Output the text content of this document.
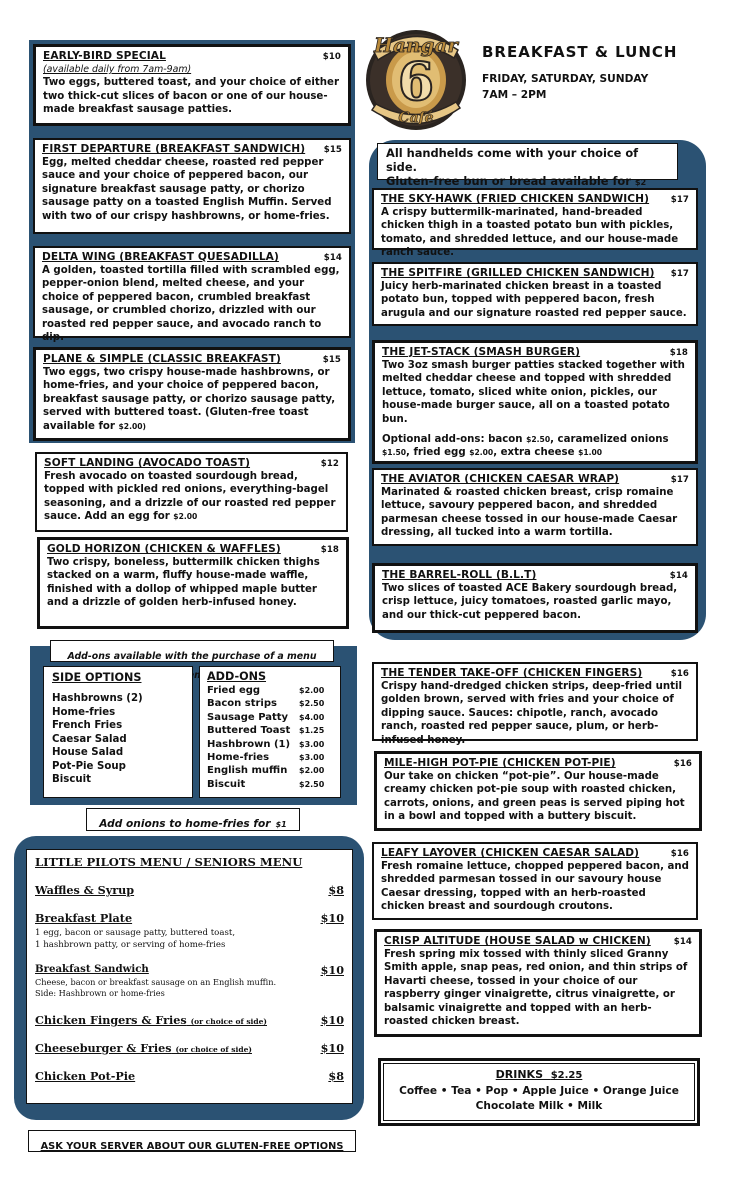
EARLY-BIRD SPECIAL	$10
(available daily from 7am-9am)
Two eggs, buttered toast, and your choice of either two thick-cut slices of bacon or one of our house-made breakfast sausage patties.
FIRST DEPARTURE (BREAKFAST SANDWICH) $15
Egg, melted cheddar cheese, roasted red pepper sauce and your choice of peppered bacon, our signature breakfast sausage patty, or chorizo sausage patty on a toasted English Muffin. Served with two of our crispy hashbrowns, or home-fries.
DELTA WING (BREAKFAST QUESADILLA)	$14
A golden, toasted tortilla filled with scrambled egg, pepper-onion blend, melted cheese, and your choice of peppered bacon, crumbled breakfast sausage, or crumbled chorizo, drizzled with our roasted red pepper sauce, and avocado ranch to dip.
PLANE & SIMPLE (CLASSIC BREAKFAST)	$15
Two eggs, two crispy house-made hashbrowns, or home-fries, and your choice of peppered bacon, breakfast sausage patty, or chorizo sausage patty, served with buttered toast. (Gluten-free toast available for $2.00)
SOFT LANDING (AVOCADO TOAST)	$12
Fresh avocado on toasted sourdough bread, topped with pickled red onions, everything-bagel seasoning, and a drizzle of our roasted red pepper sauce. Add an egg for $2.00
GOLD HORIZON (CHICKEN & WAFFLES)	$18
Two crispy, boneless, buttermilk chicken thighs stacked on a warm, fluffy house-made waffle, finished with a dollop of whipped maple butter and a drizzle of golden herb-infused honey.
Add-ons available with the purchase of a menu
SIDE OPTIONS
Hashbrowns (2)
Home-fries
French Fries
Caesar Salad
House Salad
Pot-Pie Soup
Biscuit
ADD-ONS
Fried egg	$2.00
Bacon strips	$2.50
Sausage Patty $4.00
Buttered Toast $1.25
Hashbrown (1) $3.00
Home-fries	$3.00
English muffin $2.00
Biscuit	$2.50
Add onions to home-fries for $1
LITTLE PILOTS MENU / SENIORS MENU
Waffles & Syrup	$8
Breakfast Plate	$10
1 egg, bacon or sausage patty, buttered toast,
1 hashbrown patty, or serving of home-fries
Breakfast Sandwich	$10
Cheese, bacon or breakfast sausage on an English muffin.
Side: Hashbrown or home-fries
Chicken Fingers & Fries (or choice of side)	$10
Cheeseburger & Fries (or choice of side)	$10
Chicken Pot-Pie	$8
ASK YOUR SERVER ABOUT OUR GLUTEN-FREE OPTIONS
Hangar
6
Café
BREAKFAST & LUNCH
FRIDAY, SATURDAY, SUNDAY
7AM – 2PM
All handhelds come with your choice of side.
Gluten-free bun or bread available for $2
THE SKY-HAWK (FRIED CHICKEN SANDWICH)	$17
A crispy buttermilk-marinated, hand-breaded chicken thigh in a toasted potato bun with pickles, tomato, and shredded lettuce, and our house-made ranch sauce.
THE SPITFIRE (GRILLED CHICKEN SANDWICH) $17
Juicy herb-marinated chicken breast in a toasted potato bun, topped with peppered bacon, fresh arugula and our signature roasted red pepper sauce.
THE JET-STACK (SMASH BURGER)	$18
Two 3oz smash burger patties stacked together with melted cheddar cheese and topped with shredded lettuce, tomato, sliced white onion, pickles, our house-made burger sauce, all on a toasted potato bun.
Optional add-ons: bacon $2.50, caramelized onions $1.50, fried egg $2.00, extra cheese $1.00
THE AVIATOR (CHICKEN CAESAR WRAP)	$17
Marinated & roasted chicken breast, crisp romaine lettuce, savoury peppered bacon, and shredded parmesan cheese tossed in our house-made Caesar dressing, all tucked into a warm tortilla.
THE BARREL-ROLL (B.L.T)	$14
Two slices of toasted ACE Bakery sourdough bread, crisp lettuce, juicy tomatoes, roasted garlic mayo, and our thick-cut peppered bacon.
THE TENDER TAKE-OFF (CHICKEN FINGERS)	$16
Crispy hand-dredged chicken strips, deep-fried until golden brown, served with fries and your choice of dipping sauce. Sauces: chipotle, ranch, avocado ranch, roasted red pepper sauce, plum, or herb-infused honey.
MILE-HIGH POT-PIE (CHICKEN POT-PIE)	$16
Our take on chicken “pot-pie”. Our house-made creamy chicken pot-pie soup with roasted chicken, carrots, onions, and green peas is served piping hot in a bowl and topped with a buttery biscuit.
LEAFY LAYOVER (CHICKEN CAESAR SALAD)	$16
Fresh romaine lettuce, chopped peppered bacon, and shredded parmesan tossed in our savoury house Caesar dressing, topped with an herb-roasted chicken breast and sourdough croutons.
CRISP ALTITUDE (HOUSE SALAD w CHICKEN)	$14
Fresh spring mix tossed with thinly sliced Granny Smith apple, snap peas, red onion, and thin strips of Havarti cheese, tossed in your choice of our raspberry ginger vinaigrette, citrus vinaigrette, or balsamic vinaigrette and topped with an herb-roasted chicken breast.
DRINKS $2.25
Coffee • Tea • Pop • Apple Juice • Orange Juice
Chocolate Milk • Milk
